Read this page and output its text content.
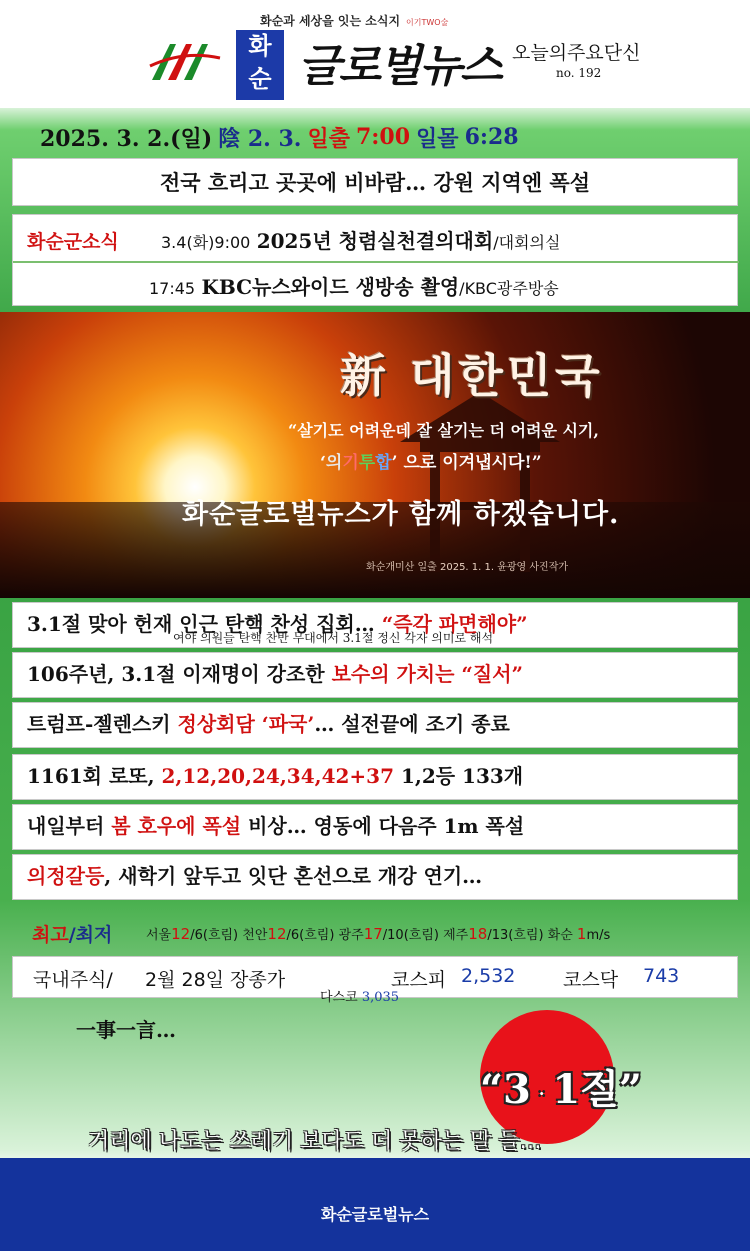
화순과 세상을 잇는 소식지 이기TWO술
화
순 글로벌뉴스 오늘의주요단신
no. 192
2025. 3. 2.(일) 陰 2. 3. 일출 7:00 일몰 6:28
전국 흐리고 곳곳에 비바람… 강원 지역엔 폭설
화순군소식	3.4(화)9:00 2025년 청렴실천결의대회/대회의실
17:45 KBC뉴스와이드 생방송 촬영/KBC광주방송
新 대한민국
“살기도 어려운데 잘 살기는 더 어려운 시기,
‘의기투합’ 으로 이겨냅시다!”
화순글로벌뉴스가 함께 하겠습니다.
화순개미산 일출 2025. 1. 1. 윤광영 사진작가
3.1절 맞아 헌재 인근 탄핵 찬성 집회… “즉각 파면해야”
여야 의원들 탄핵 찬반 무대에서 3.1절 정신 각자 의미로 해석
106주년, 3.1절 이재명이 강조한 보수의 가치는 “질서”
트럼프-젤렌스키 정상회담 ‘파국’… 설전끝에 조기 종료
1161회 로또, 2,12,20,24,34,42+37 1,2등 133개
내일부터 봄 호우에 폭설 비상… 영동에 다음주 1m 폭설
의정갈등, 새학기 앞두고 잇단 혼선으로 개강 연기…
최고/최저	서울12/6(흐림) 천안12/6(흐림) 광주17/10(흐림) 제주18/13(흐림) 화순 1m/s
국내주식/ 2월 28일 장종가	코스피 2,532	코스닥 743
다스코 3,035
一事一言…
“3 · 1절”
거리에 나도는 쓰레기 보다도 더 못하는 말 들…
화순글로벌뉴스
